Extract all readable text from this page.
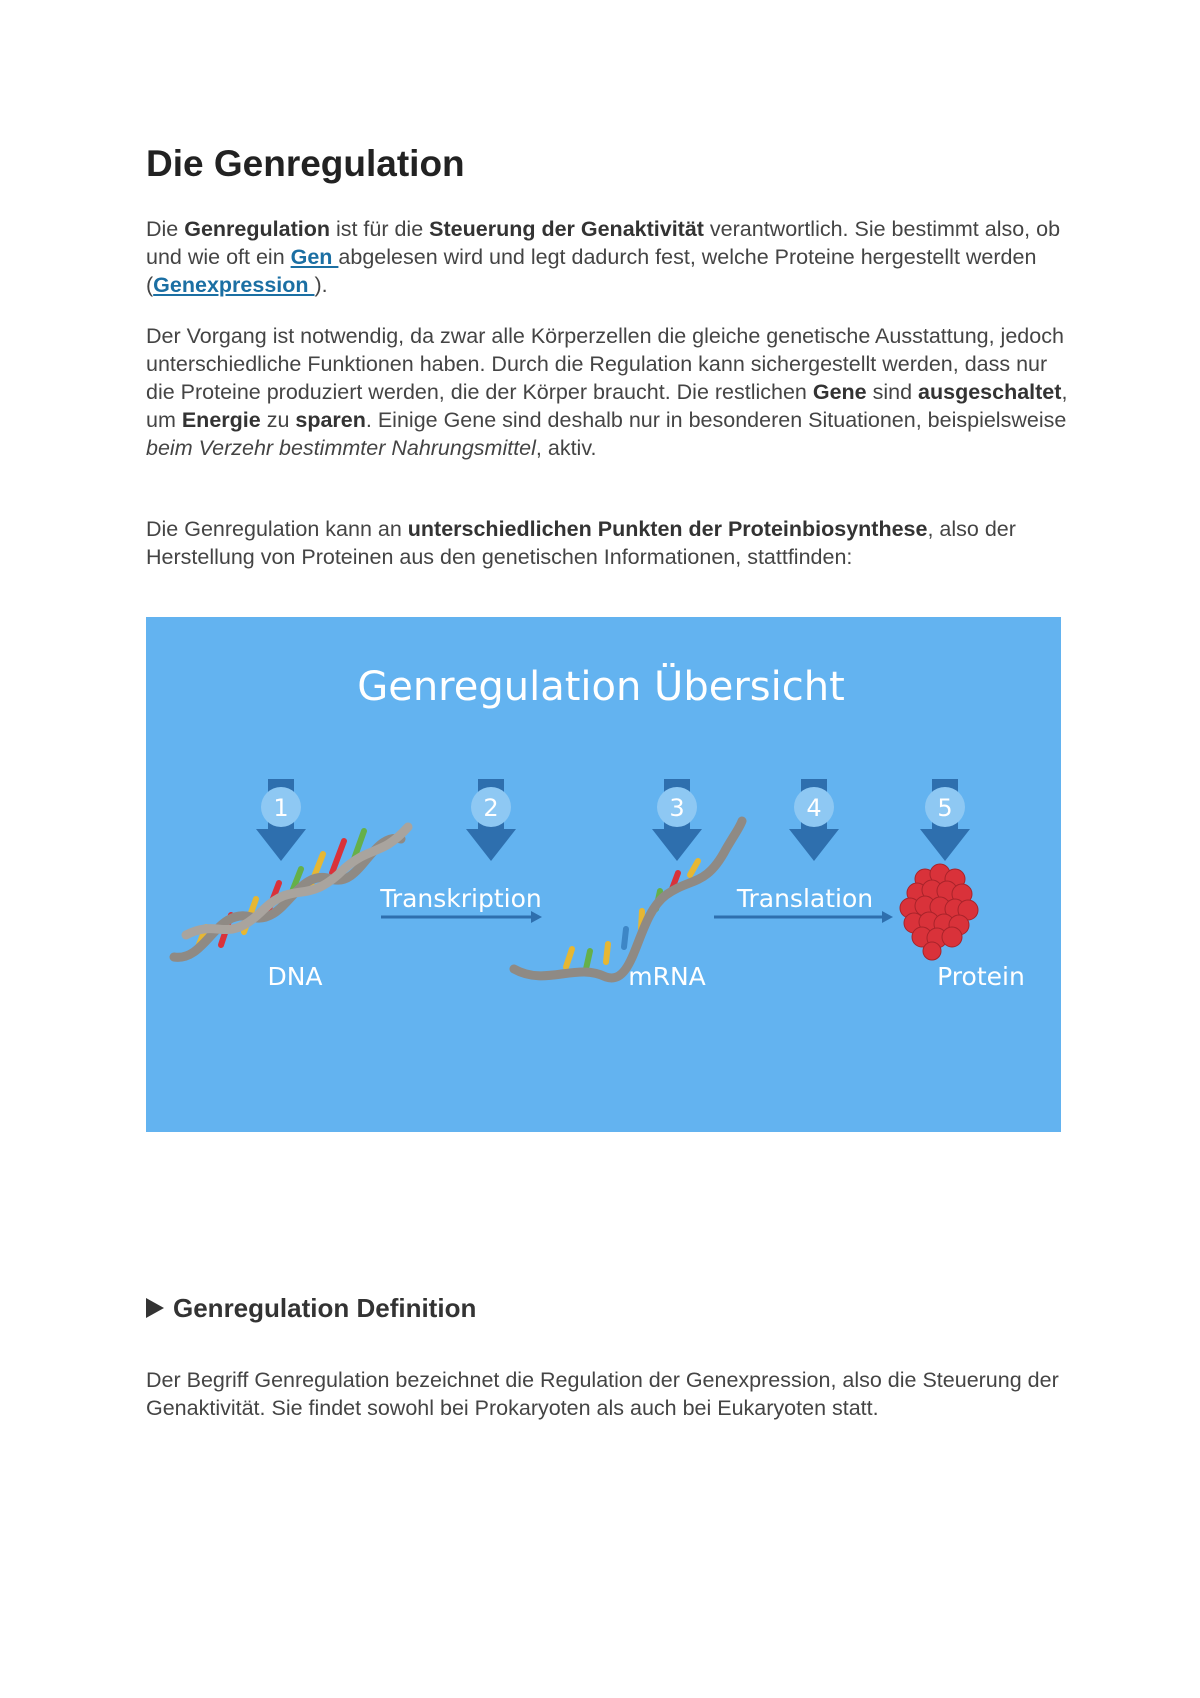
Die Genregulation

Die Genregulation ist für die Steuerung der Genaktivität verantwortlich. Sie bestimmt also, ob und wie oft ein Gen abgelesen wird und legt dadurch fest, welche Proteine hergestellt werden (Genexpression ).

Der Vorgang ist notwendig, da zwar alle Körperzellen die gleiche genetische Ausstattung, jedoch unterschiedliche Funktionen haben. Durch die Regulation kann sichergestellt werden, dass nur die Proteine produziert werden, die der Körper braucht. Die restlichen Gene sind ausgeschaltet, um Energie zu sparen. Einige Gene sind deshalb nur in besonderen Situationen, beispielsweise beim Verzehr bestimmter Nahrungsmittel, aktiv.

Die Genregulation kann an unterschiedlichen Punkten der Proteinbiosynthese, also der Herstellung von Proteinen aus den genetischen Informationen, stattfinden:

Genregulation Übersicht
1	2	3	4	5
Transkription
DNA	mRNA
Translation
Protein
Genregulation Definition

Der Begriff Genregulation bezeichnet die Regulation der Genexpression, also die Steuerung der Genaktivität. Sie findet sowohl bei Prokaryoten als auch bei Eukaryoten statt.
